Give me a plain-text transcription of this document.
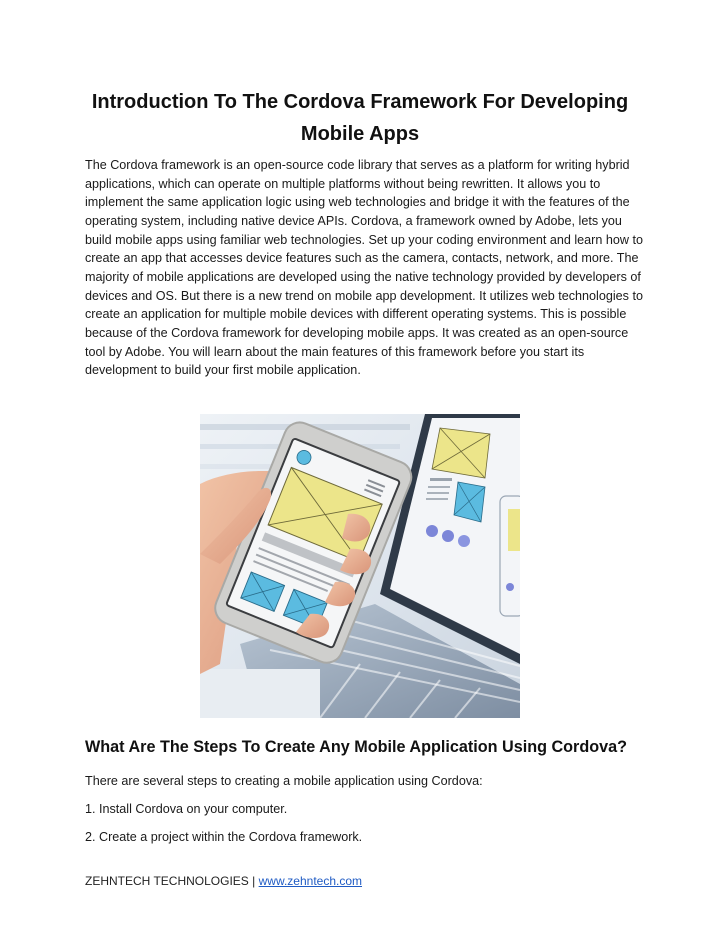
Introduction To The Cordova Framework For Developing Mobile Apps

The Cordova framework is an open-source code library that serves as a platform for writing hybrid applications, which can operate on multiple platforms without being rewritten. It allows you to implement the same application logic using web technologies and bridge it with the features of the operating system, including native device APIs. Cordova, a framework owned by Adobe, lets you build mobile apps using familiar web technologies. Set up your coding environment and learn how to create an app that accesses device features such as the camera, contacts, network, and more. The majority of mobile applications are developed using the native technology provided by developers of devices and OS. But there is a new trend on mobile app development. It utilizes web technologies to create an application for multiple mobile devices with different operating systems. This is possible because of the Cordova framework for developing mobile apps. It was created as an open-source tool by Adobe. You will learn about the main features of this framework before you start its development to build your first mobile application.

What Are The Steps To Create Any Mobile Application Using Cordova?

There are several steps to creating a mobile application using Cordova:

1. Install Cordova on your computer.

2. Create a project within the Cordova framework.

ZEHNTECH TECHNOLOGIES | www.zehntech.com
